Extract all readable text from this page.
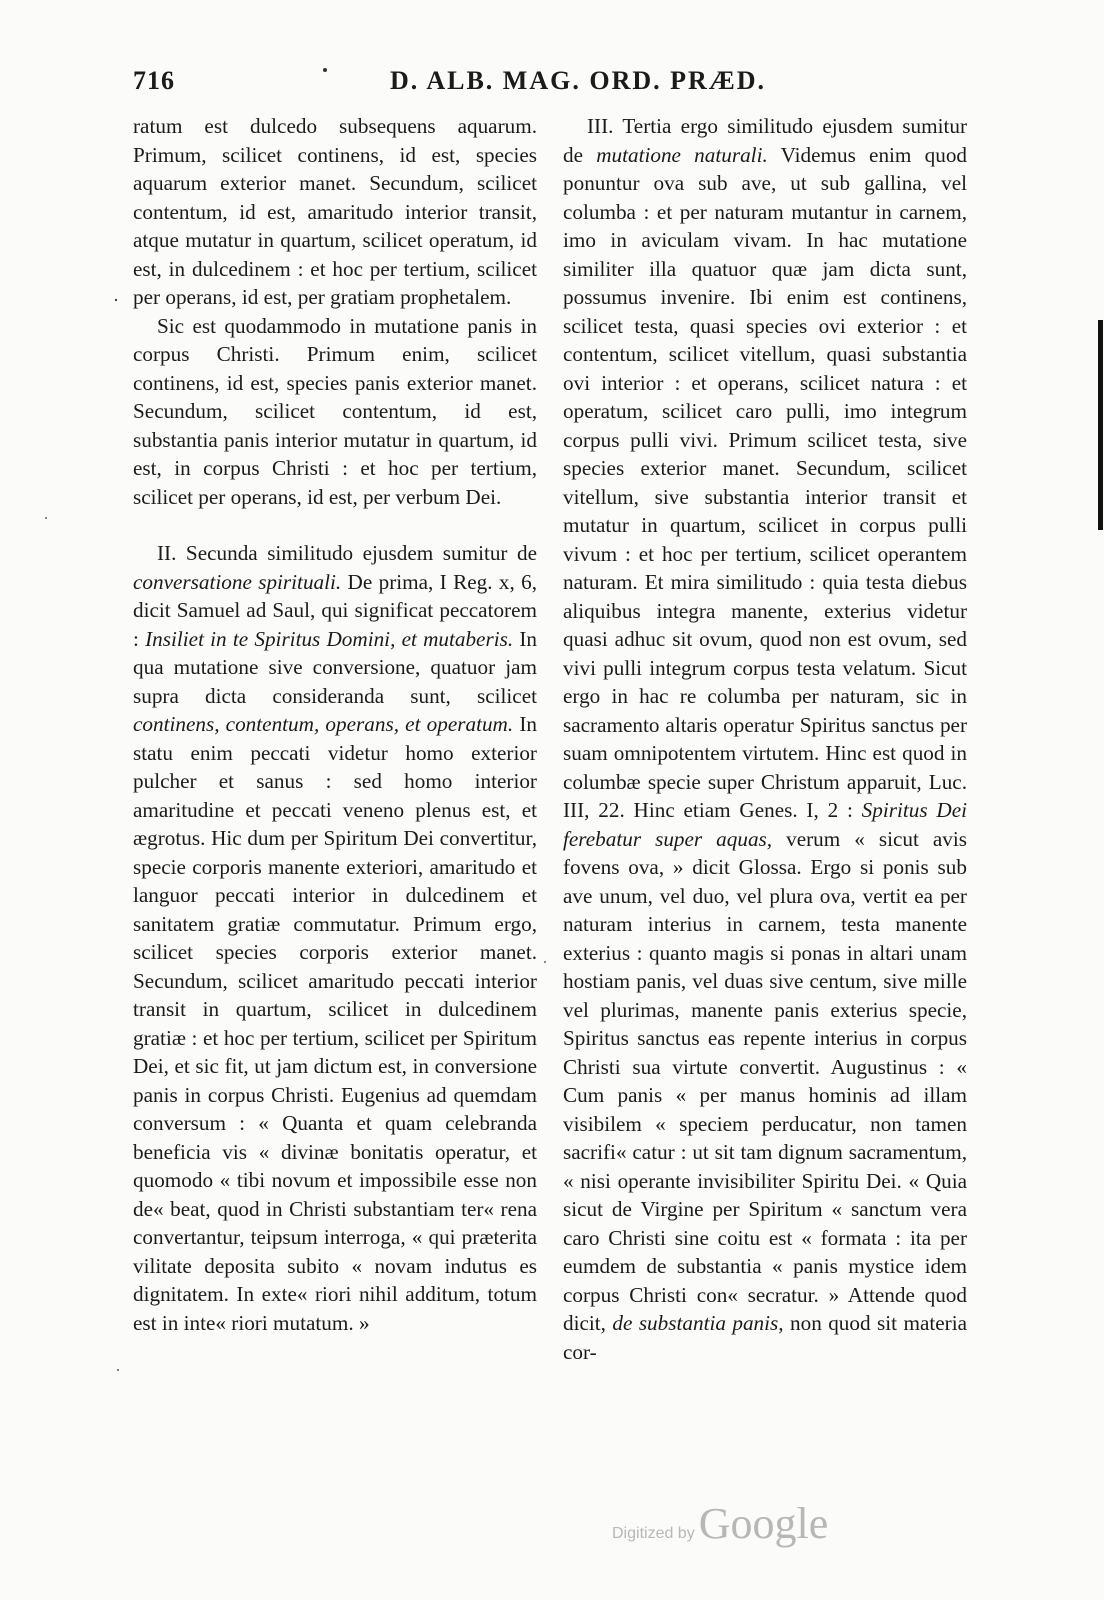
716	D. ALB. MAG. ORD. PRÆD.

ratum est dulcedo subsequens aquarum. Primum, scilicet continens, id est, species aquarum exterior manet. Secundum, scilicet contentum, id est, amaritudo interior transit, atque mutatur in quartum, scilicet operatum, id est, in dulcedinem : et hoc per tertium, scilicet per operans, id est, per gratiam prophetalem.

Sic est quodammodo in mutatione panis in corpus Christi. Primum enim, scilicet continens, id est, species panis exterior manet. Secundum, scilicet contentum, id est, substantia panis interior mutatur in quartum, id est, in corpus Christi : et hoc per tertium, scilicet per operans, id est, per verbum Dei.

II. Secunda similitudo ejusdem sumitur de conversatione spirituali. De prima, I Reg. x, 6, dicit Samuel ad Saul, qui significat peccatorem : Insiliet in te Spiritus Domini, et mutaberis. In qua mutatione sive conversione, quatuor jam supra dicta consideranda sunt, scilicet continens, contentum, operans, et operatum. In statu enim peccati videtur homo exterior pulcher et sanus : sed homo interior amaritudine et peccati veneno plenus est, et ægrotus. Hic dum per Spiritum Dei convertitur, specie corporis manente exteriori, amaritudo et languor peccati interior in dulcedinem et sanitatem gratiæ commutatur. Primum ergo, scilicet species corporis exterior manet. Secundum, scilicet amaritudo peccati interior transit in quartum, scilicet in dulcedinem gratiæ : et hoc per tertium, scilicet per Spiritum Dei, et sic fit, ut jam dictum est, in conversione panis in corpus Christi. Eugenius ad quemdam conversum : « Quanta et quam celebranda beneficia vis « divinæ bonitatis operatur, et quomodo « tibi novum et impossibile esse non de« beat, quod in Christi substantiam ter« rena convertantur, teipsum interroga, « qui præterita vilitate deposita subito « novam indutus es dignitatem. In exte« riori nihil additum, totum est in inte« riori mutatum. »

III. Tertia ergo similitudo ejusdem sumitur de mutatione naturali. Videmus enim quod ponuntur ova sub ave, ut sub gallina, vel columba : et per naturam mutantur in carnem, imo in aviculam vivam. In hac mutatione similiter illa quatuor quæ jam dicta sunt, possumus invenire. Ibi enim est continens, scilicet testa, quasi species ovi exterior : et contentum, scilicet vitellum, quasi substantia ovi interior : et operans, scilicet natura : et operatum, scilicet caro pulli, imo integrum corpus pulli vivi. Primum scilicet testa, sive species exterior manet. Secundum, scilicet vitellum, sive substantia interior transit et mutatur in quartum, scilicet in corpus pulli vivum : et hoc per tertium, scilicet operantem naturam. Et mira similitudo : quia testa diebus aliquibus integra manente, exterius videtur quasi adhuc sit ovum, quod non est ovum, sed vivi pulli integrum corpus testa velatum. Sicut ergo in hac re columba per naturam, sic in sacramento altaris operatur Spiritus sanctus per suam omnipotentem virtutem. Hinc est quod in columbæ specie super Christum apparuit, Luc. III, 22. Hinc etiam Genes. I, 2 : Spiritus Dei ferebatur super aquas, verum « sicut avis fovens ova, » dicit Glossa. Ergo si ponis sub ave unum, vel duo, vel plura ova, vertit ea per naturam interius in carnem, testa manente exterius : quanto magis si ponas in altari unam hostiam panis, vel duas sive centum, sive mille vel plurimas, manente panis exterius specie, Spiritus sanctus eas repente interius in corpus Christi sua virtute convertit. Augustinus : « Cum panis « per manus hominis ad illam visibilem « speciem perducatur, non tamen sacrifi« catur : ut sit tam dignum sacramentum, « nisi operante invisibiliter Spiritu Dei. « Quia sicut de Virgine per Spiritum « sanctum vera caro Christi sine coitu est « formata : ita per eumdem de substantia « panis mystice idem corpus Christi con« secratur. » Attende quod dicit, de substantia panis, non quod sit materia cor-

Digitized by Google
